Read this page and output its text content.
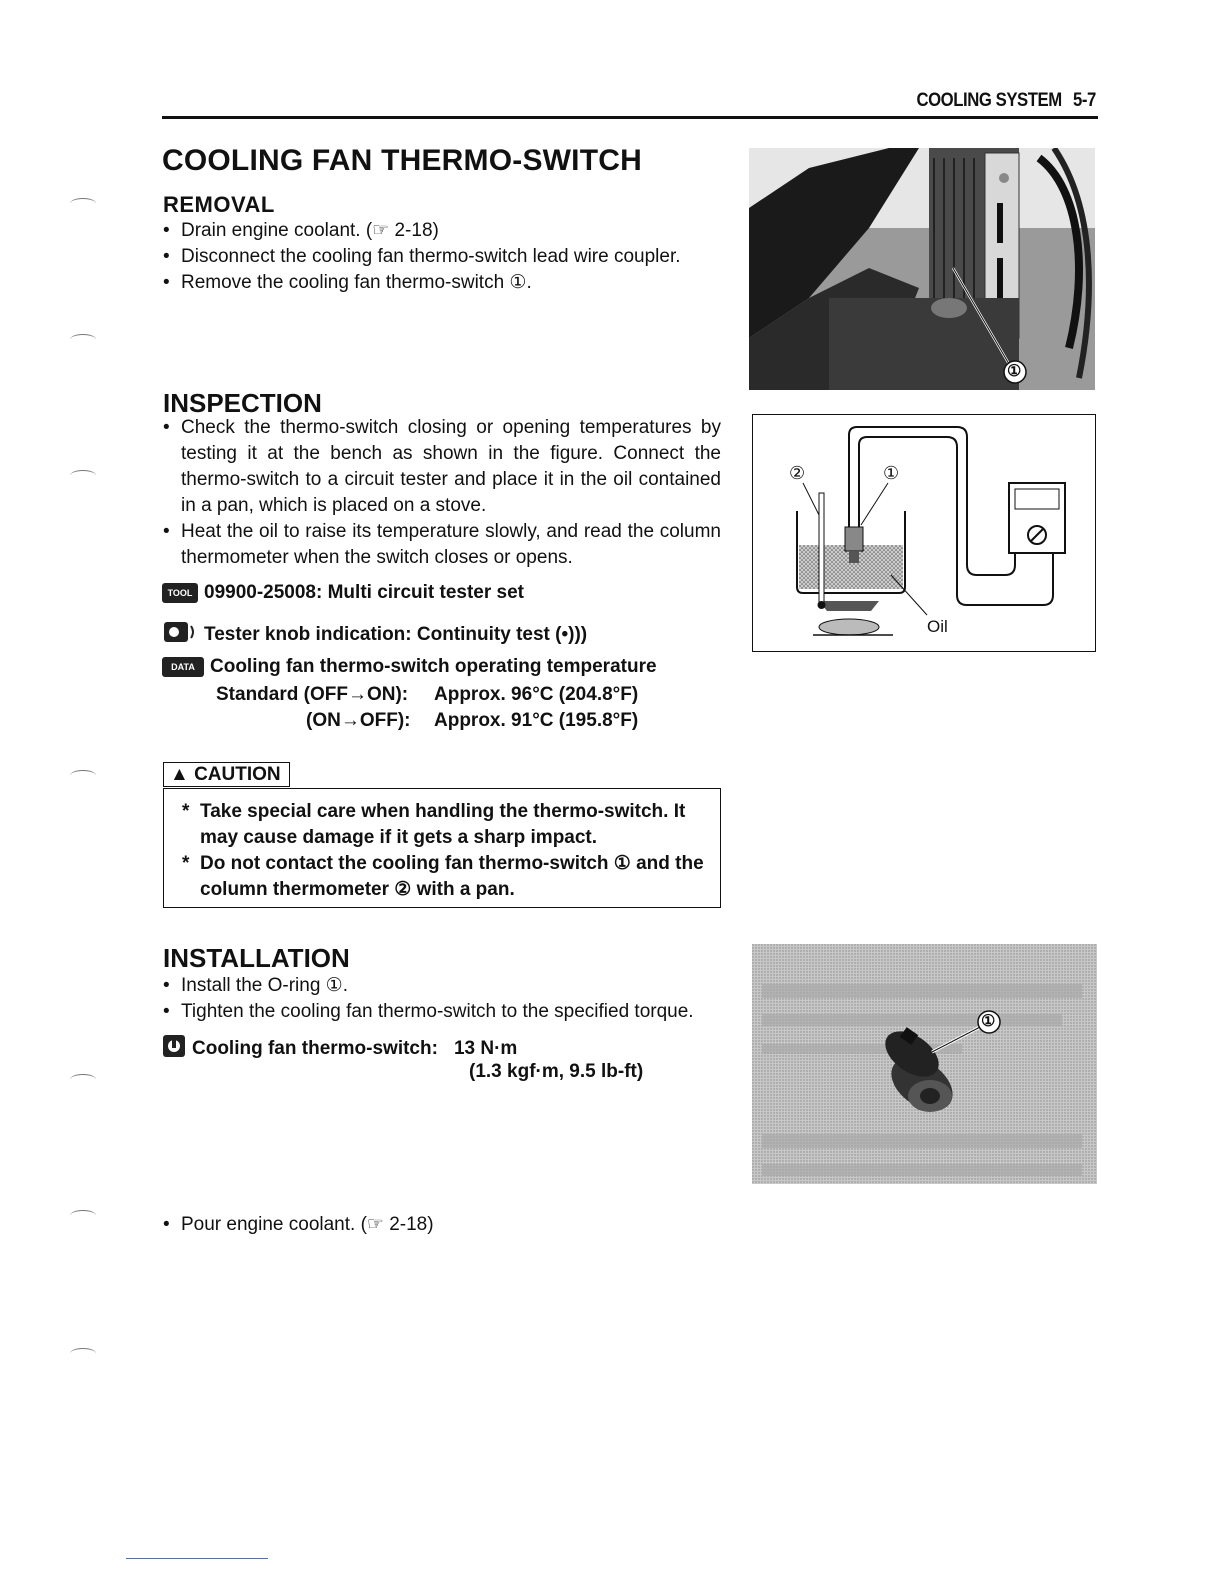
COOLING SYSTEM 5-7
COOLING FAN THERMO-SWITCH
REMOVAL
• Drain engine coolant. (☞ 2-18)
• Disconnect the cooling fan thermo-switch lead wire coupler.
• Remove the cooling fan thermo-switch ①.
①
INSPECTION
• Check the thermo-switch closing or opening temperatures by testing it at the bench as shown in the figure. Connect the thermo-switch to a circuit tester and place it in the oil contained in a pan, which is placed on a stove.
• Heat the oil to raise its temperature slowly, and read the column thermometer when the switch closes or opens.
TOOL 09900-25008: Multi circuit tester set
Tester knob indication: Continuity test (•)))
DATA Cooling fan thermo-switch operating temperature
Standard (OFF→ON): Approx. 96°C (204.8°F)
(ON→OFF): Approx. 91°C (195.8°F)
②	①
Oil
▲ CAUTION
* Take special care when handling the thermo-switch. It may cause damage if it gets a sharp impact.
* Do not contact the cooling fan thermo-switch ① and the column thermometer ② with a pan.
INSTALLATION
• Install the O-ring ①.
• Tighten the cooling fan thermo-switch to the specified torque.
Cooling fan thermo-switch: 13 N·m
(1.3 kgf·m, 9.5 lb-ft)
①
• Pour engine coolant. (☞ 2-18)
